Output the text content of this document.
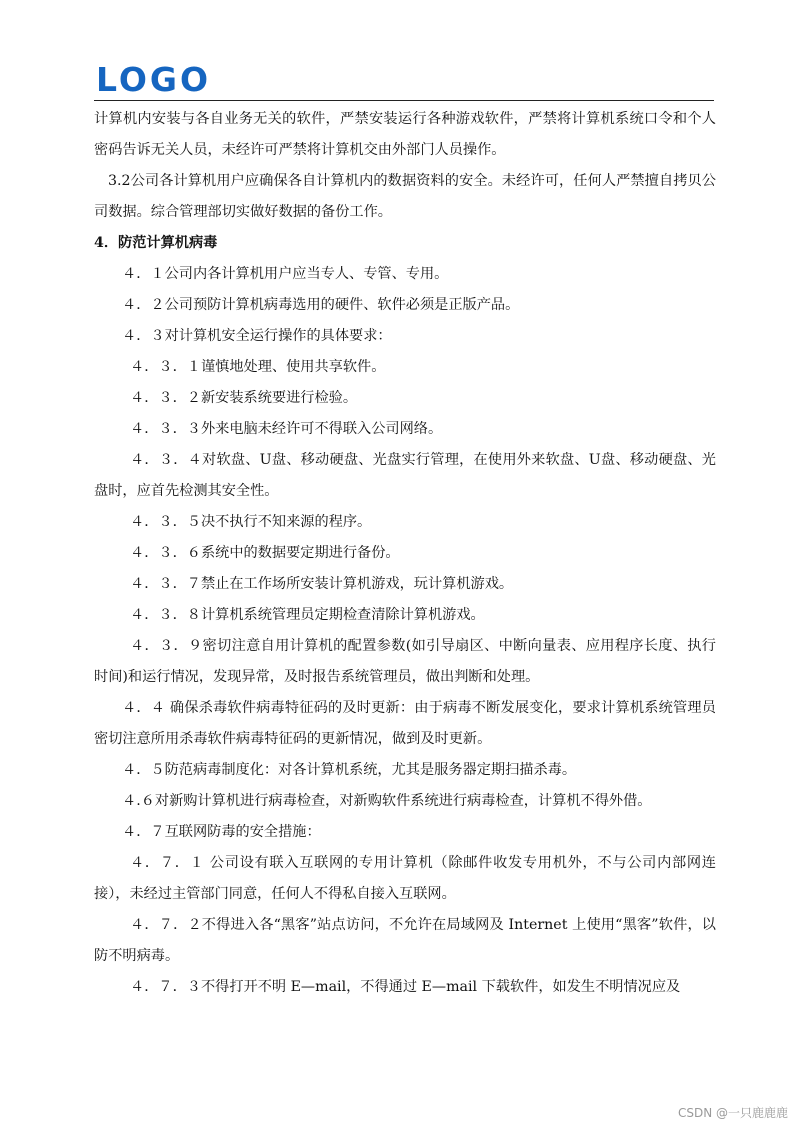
LOGO

计算机内安装与各自业务无关的软件，严禁安装运行各种游戏软件，严禁将计算机系统口令和个人密码告诉无关人员，未经许可严禁将计算机交由外部门人员操作。

3.2公司各计算机用户应确保各自计算机内的数据资料的安全。未经许可，任何人严禁擅自拷贝公司数据。综合管理部切实做好数据的备份工作。

4．防范计算机病毒

４．１公司内各计算机用户应当专人、专管、专用。

４．２公司预防计算机病毒选用的硬件、软件必须是正版产品。

４．３对计算机安全运行操作的具体要求：

４．３．１谨慎地处理、使用共享软件。

４．３．２新安装系统要进行检验。

４．３．３外来电脑未经许可不得联入公司网络。

４．３．４对软盘、U盘、移动硬盘、光盘实行管理，在使用外来软盘、U盘、移动硬盘、光盘时，应首先检测其安全性。

４．３．５决不执行不知来源的程序。

４．３．６系统中的数据要定期进行备份。

４．３．７禁止在工作场所安装计算机游戏，玩计算机游戏。

４．３．８计算机系统管理员定期检查清除计算机游戏。

４．３．９密切注意自用计算机的配置参数(如引导扇区、中断向量表、应用程序长度、执行时间)和运行情况，发现异常，及时报告系统管理员，做出判断和处理。

４．４ 确保杀毒软件病毒特征码的及时更新：由于病毒不断发展变化，要求计算机系统管理员密切注意所用杀毒软件病毒特征码的更新情况，做到及时更新。

４．５防范病毒制度化：对各计算机系统，尤其是服务器定期扫描杀毒。

４.６对新购计算机进行病毒检查，对新购软件系统进行病毒检查，计算机不得外借。

４．７互联网防毒的安全措施：

４．７．１ 公司设有联入互联网的专用计算机（除邮件收发专用机外，不与公司内部网连接），未经过主管部门同意，任何人不得私自接入互联网。

４．７．２不得进入各“黑客”站点访问，不允许在局域网及 Internet 上使用“黑客”软件，以防不明病毒。

４．７．３不得打开不明 E—mail，不得通过 E—mail 下载软件，如发生不明情况应及

CSDN @一只鹿鹿鹿
